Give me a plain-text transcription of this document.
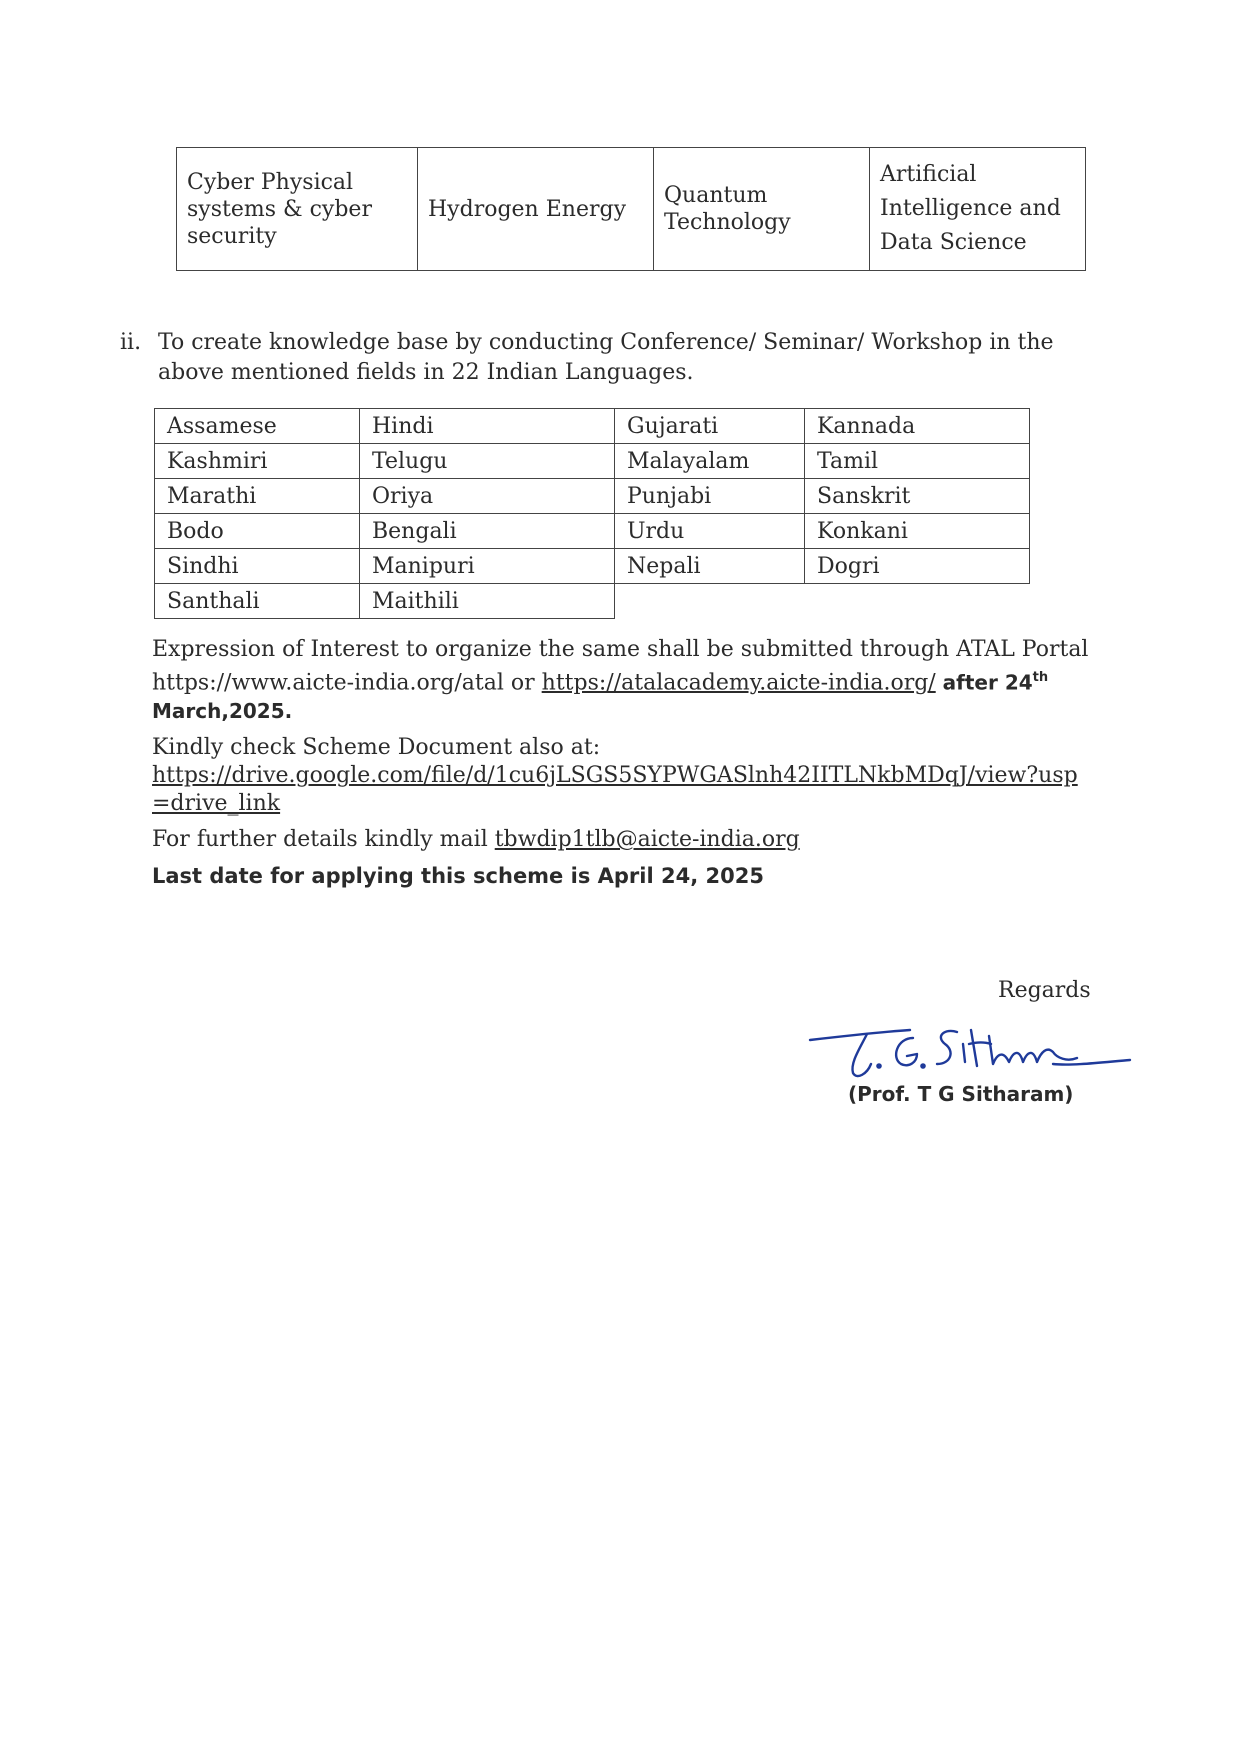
Cyber Physical systems & cyber security	Hydrogen Energy	Quantum Technology	Artificial Intelligence and Data Science
ii. To create knowledge base by conducting Conference/ Seminar/ Workshop in the above mentioned fields in 22 Indian Languages.
Assamese	Hindi	Gujarati	Kannada
Kashmiri	Telugu	Malayalam	Tamil
Marathi	Oriya	Punjabi	Sanskrit
Bodo	Bengali	Urdu	Konkani
Sindhi	Manipuri	Nepali	Dogri
Santhali	Maithili		

Expression of Interest to organize the same shall be submitted through ATAL Portal https://www.aicte-india.org/atal or https://atalacademy.aicte-india.org/ after 24th
March,2025.

Kindly check Scheme Document also at:
https://drive.google.com/file/d/1cu6jLSGS5SYPWGASlnh42IITLNkbMDqJ/view?usp=drive_link

For further details kindly mail tbwdip1tlb@aicte-india.org

Last date for applying this scheme is April 24, 2025

Regards
(Prof. T G Sitharam)
